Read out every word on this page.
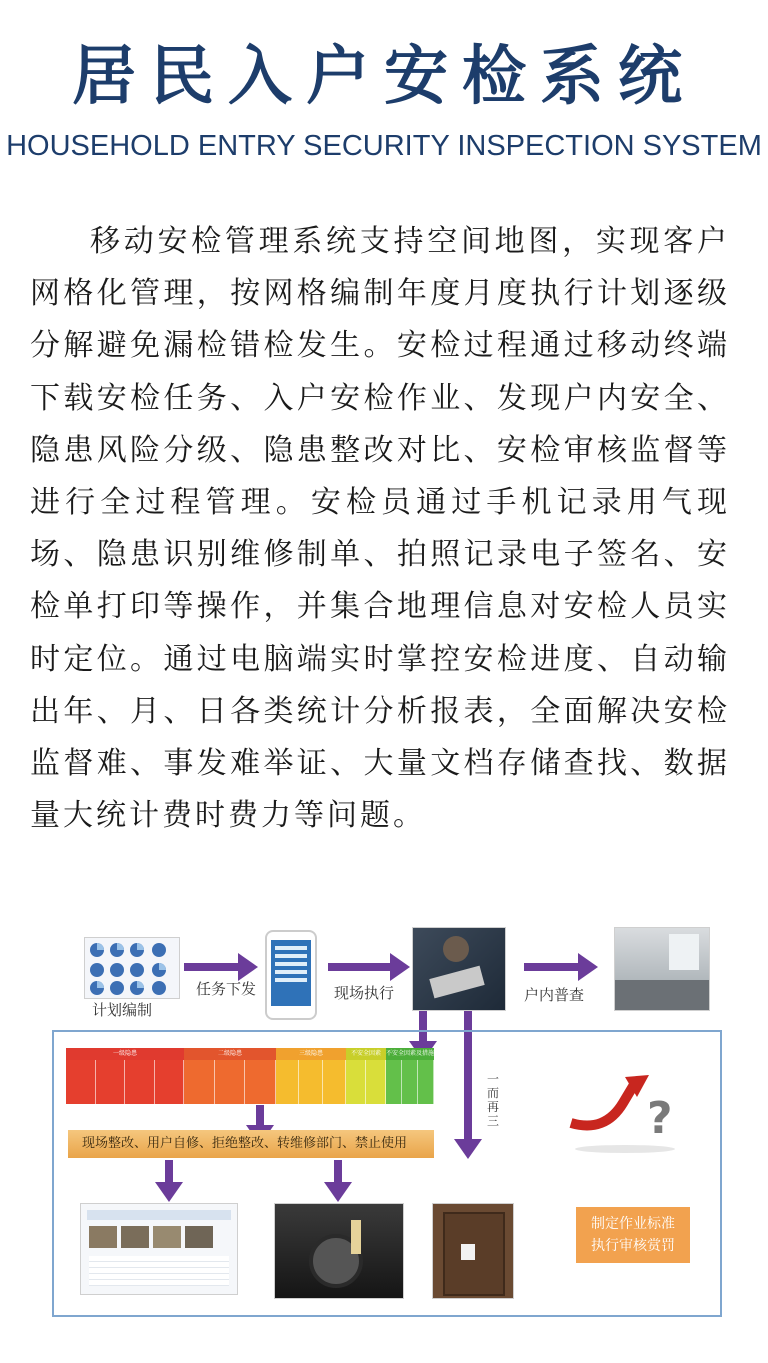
居民入户安检系统
HOUSEHOLD ENTRY SECURITY INSPECTION SYSTEM
移动安检管理系统支持空间地图，实现客户网格化管理，按网格编制年度月度执行计划逐级分解避免漏检错检发生。安检过程通过移动终端下载安检任务、入户安检作业、发现户内安全、隐患风险分级、隐患整改对比、安检审核监督等进行全过程管理。安检员通过手机记录用气现场、隐患识别维修制单、拍照记录电子签名、安检单打印等操作，并集合地理信息对安检人员实时定位。通过电脑端实时掌控安检进度、自动输出年、月、日各类统计分析报表，全面解决安检监督难、事发难举证、大量文档存储查找、数据量大统计费时费力等问题。
计划编制
任务下发	现场执行	户内普查
一而再三
一级隐患	二级隐患	三级隐患	不安全因素 不安全因素及措施
现场整改、用户自修、拒绝整改、转维修部门、禁止使用	?
制定作业标准
执行审核赏罚
